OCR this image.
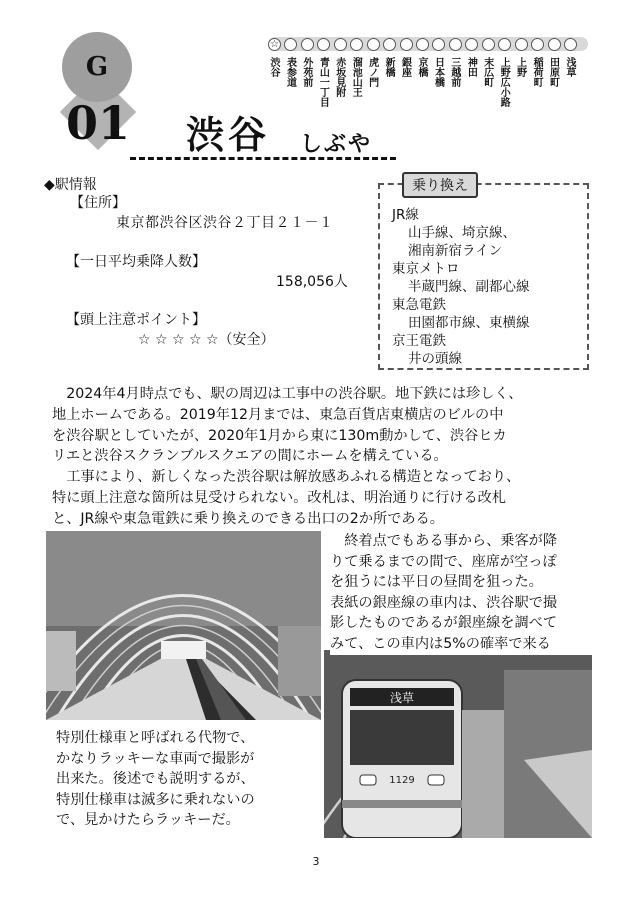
G
01 渋谷 しぶや
浅草
田原町
稲荷町
上野
上野広小路
末広町
神田
三越前
日本橋
京橋
銀座
新橋
虎ノ門
溜池山王
赤坂見附
青山一丁目
外苑前
表参道
☆
渋谷
◆駅情報
【住所】
東京都渋谷区渋谷２丁目２１－１
【一日平均乗降人数】
158,056人
【頭上注意ポイント】
☆ ☆ ☆ ☆ ☆（安全）
JR線
山手線、埼京線、
湘南新宿ライン
東京メトロ
半蔵門線、副都心線
東急電鉄
田園都市線、東横線
京王電鉄
井の頭線
乗り換え
　2024年4月時点でも、駅の周辺は工事中の渋谷駅。地下鉄には珍しく、
地上ホームである。2019年12月までは、東急百貨店東横店のビルの中
を渋谷駅としていたが、2020年1月から東に130m動かして、渋谷ヒカ
リエと渋谷スクランブルスクエアの間にホームを構えている。
　工事により、新しくなった渋谷駅は解放感あふれる構造となっており、
特に頭上注意な箇所は見受けられない。改札は、明治通りに行ける改札
と、JR線や東急電鉄に乗り換えのできる出口の2か所である。
浅草
1129
　終着点でもある事から、乗客が降
りて乗るまでの間で、座席が空っぽ
を狙うには平日の昼間を狙った。
表紙の銀座線の車内は、渋谷駅で撮
影したものであるが銀座線を調べて
みて、この車内は5%の確率で来る
特別仕様車と呼ばれる代物で、
かなりラッキーな車両で撮影が
出来た。後述でも説明するが、
特別仕様車は滅多に乗れないの
で、見かけたらラッキーだ。
3
